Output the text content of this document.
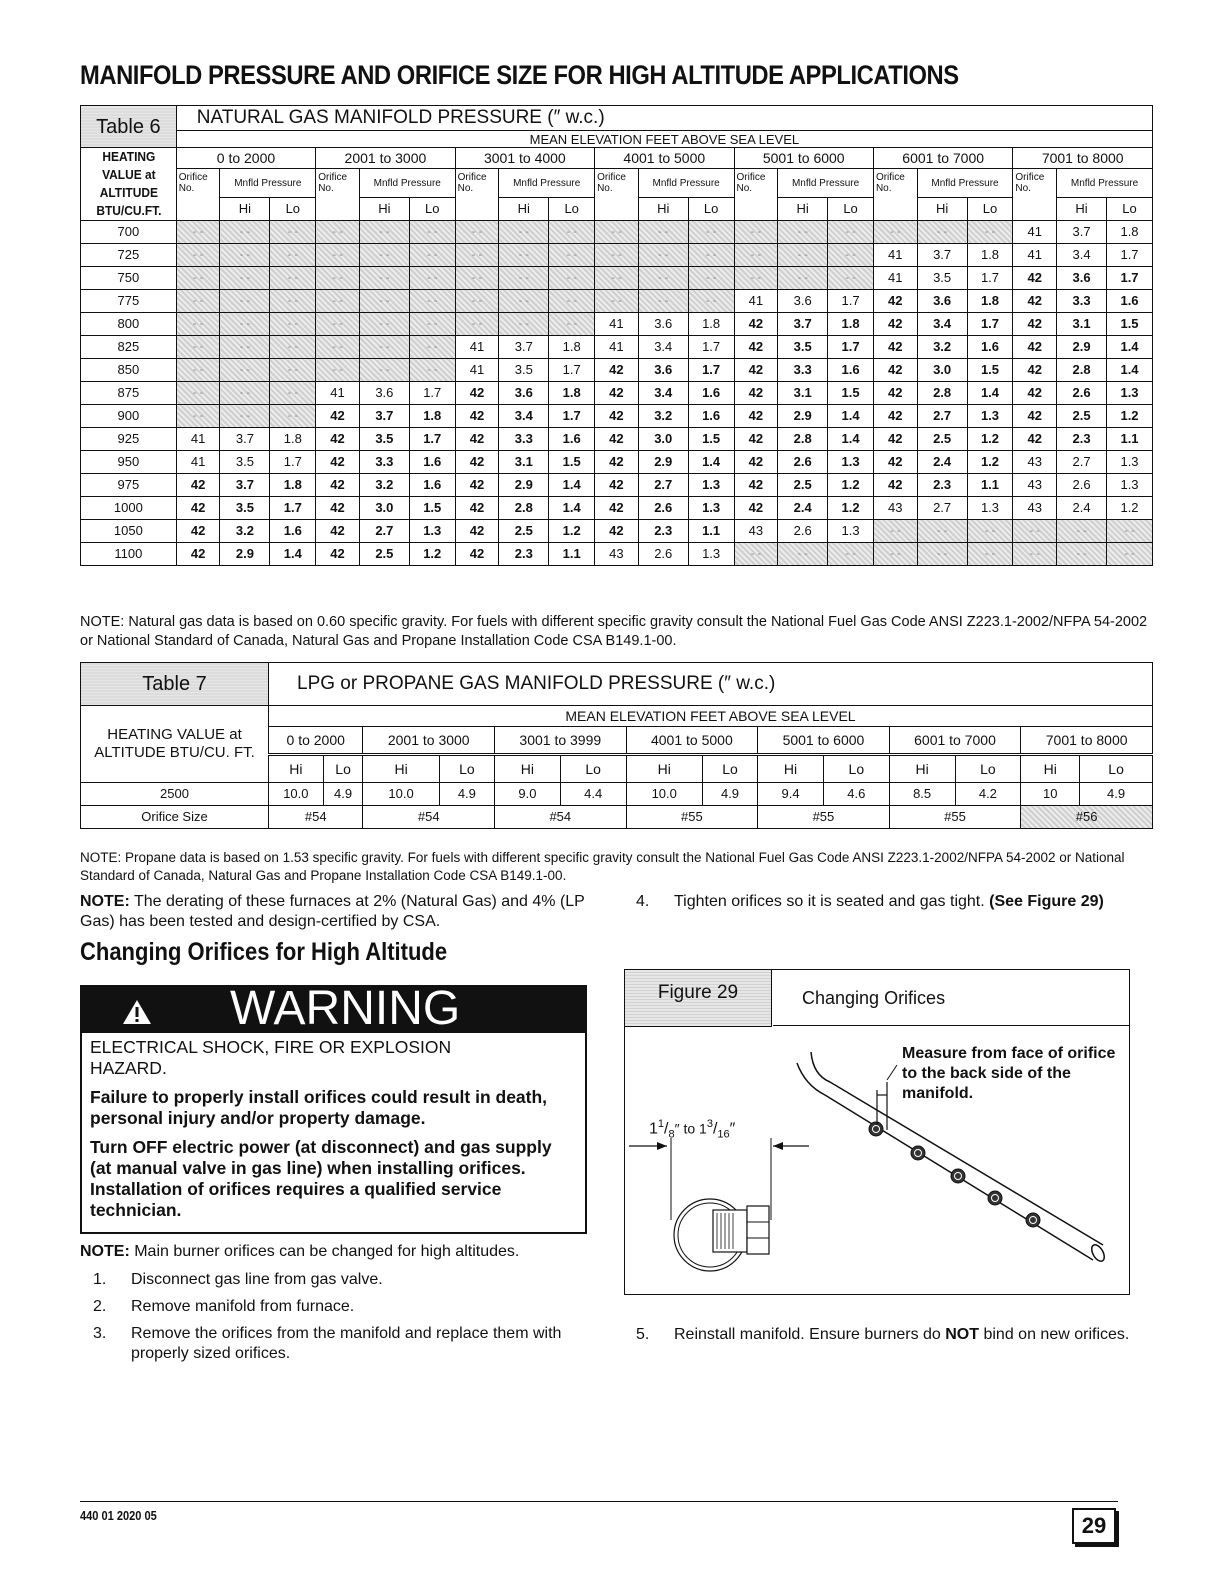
MANIFOLD PRESSURE AND ORIFICE SIZE FOR HIGH ALTITUDE APPLICATIONS
Table 6	NATURAL GAS MANIFOLD PRESSURE (″ w.c.)																				
	MEAN ELEVATION FEET ABOVE SEA LEVEL																				
HEATING VALUE at ALTITUDE BTU/CU.FT.	0 to 2000			2001 to 3000			3001 to 4000			4001 to 5000			5001 to 6000			6001 to 7000			7001 to 8000		
	Orifice No.	Mnfld Pressure		Orifice No.	Mnfld Pressure		Orifice No.	Mnfld Pressure		Orifice No.	Mnfld Pressure		Orifice No.	Mnfld Pressure		Orifice No.	Mnfld Pressure		Orifice No.	Mnfld Pressure	
		Hi	Lo		Hi	Lo		Hi	Lo		Hi	Lo		Hi	Lo		Hi	Lo		Hi	Lo
700	- -	- -	- -	- -	- -	- -	- -	- -	- -	- -	- -	- -	- -	- -	- -	- -	- -	- -	41	3.7	1.8
725	- -	- -	- -	- -	- -	- -	- -	- -	- -	- -	- -	- -	- -	- -	- -	41	3.7	1.8	41	3.4	1.7
750	- -	- -	- -	- -	- -	- -	- -	- -	- -	- -	- -	- -	- -	- -	- -	41	3.5	1.7	42	3.6	1.7
775	- -	- -	- -	- -	- -	- -	- -	- -	- -	- -	- -	- -	41	3.6	1.7	42	3.6	1.8	42	3.3	1.6
800	- -	- -	- -	- -	- -	- -	- -	- -	- -	41	3.6	1.8	42	3.7	1.8	42	3.4	1.7	42	3.1	1.5
825	- -	- -	- -	- -	- -	- -	41	3.7	1.8	41	3.4	1.7	42	3.5	1.7	42	3.2	1.6	42	2.9	1.4
850	- -	- -	- -	- -	- -	- -	41	3.5	1.7	42	3.6	1.7	42	3.3	1.6	42	3.0	1.5	42	2.8	1.4
875	- -	- -	- -	41	3.6	1.7	42	3.6	1.8	42	3.4	1.6	42	3.1	1.5	42	2.8	1.4	42	2.6	1.3
900	- -	- -	- -	42	3.7	1.8	42	3.4	1.7	42	3.2	1.6	42	2.9	1.4	42	2.7	1.3	42	2.5	1.2
925	41	3.7	1.8	42	3.5	1.7	42	3.3	1.6	42	3.0	1.5	42	2.8	1.4	42	2.5	1.2	42	2.3	1.1
950	41	3.5	1.7	42	3.3	1.6	42	3.1	1.5	42	2.9	1.4	42	2.6	1.3	42	2.4	1.2	43	2.7	1.3
975	42	3.7	1.8	42	3.2	1.6	42	2.9	1.4	42	2.7	1.3	42	2.5	1.2	42	2.3	1.1	43	2.6	1.3
1000	42	3.5	1.7	42	3.0	1.5	42	2.8	1.4	42	2.6	1.3	42	2.4	1.2	43	2.7	1.3	43	2.4	1.2
1050	42	3.2	1.6	42	2.7	1.3	42	2.5	1.2	42	2.3	1.1	43	2.6	1.3	- -	- -	- -	- -	- -	- -
1100	42	2.9	1.4	42	2.5	1.2	42	2.3	1.1	43	2.6	1.3	- -	- -	- -	- -	- -	- -	- -	- -	- -
NOTE: Natural gas data is based on 0.60 specific gravity. For fuels with different specific gravity consult the National Fuel Gas Code ANSI Z223.1-2002/NFPA 54-2002 or National Standard of Canada, Natural Gas and Propane Installation Code CSA B149.1-00.
Table 7	LPG or PROPANE GAS MANIFOLD PRESSURE (″ w.c.)													
HEATING VALUE at ALTITUDE BTU/CU. FT.	MEAN ELEVATION FEET ABOVE SEA LEVEL													
	0 to 2000		2001 to 3000		3001 to 3999		4001 to 5000		5001 to 6000		6001 to 7000		7001 to 8000	
	Hi	Lo	Hi	Lo	Hi	Lo	Hi	Lo	Hi	Lo	Hi	Lo	Hi	Lo
2500	10.0	4.9	10.0	4.9	9.0	4.4	10.0	4.9	9.4	4.6	8.5	4.2	10	4.9
Orifice Size	#54		#54		#54		#55		#55		#55		#56	
NOTE: Propane data is based on 1.53 specific gravity. For fuels with different specific gravity consult the National Fuel Gas Code ANSI Z223.1-2002/NFPA 54-2002 or National Standard of Canada, Natural Gas and Propane Installation Code CSA B149.1-00.
NOTE: The derating of these furnaces at 2% (Natural Gas) and 4% (LP Gas) has been tested and design-certified by CSA.
4. Tighten orifices so it is seated and gas tight. (See Figure 29)
Changing Orifices for High Altitude
WARNING
ELECTRICAL SHOCK, FIRE OR EXPLOSION HAZARD.
Failure to properly install orifices could result in death, personal injury and/or property damage.
Turn OFF electric power (at disconnect) and gas supply (at manual valve in gas line) when installing orifices. Installation of orifices requires a qualified service technician.
NOTE: Main burner orifices can be changed for high altitudes.
1.	Disconnect gas line from gas valve.
2.	Remove manifold from furnace.
3.	Remove the orifices from the manifold and replace them with properly sized orifices.
5.	Reinstall manifold. Ensure burners do NOT bind on new orifices.
Figure 29	Changing Orifices
Measure from face of orifice to the back side of the manifold.
$1^1/_8''$ to $1^3/_{16}''$
440 01 2020 05	29
